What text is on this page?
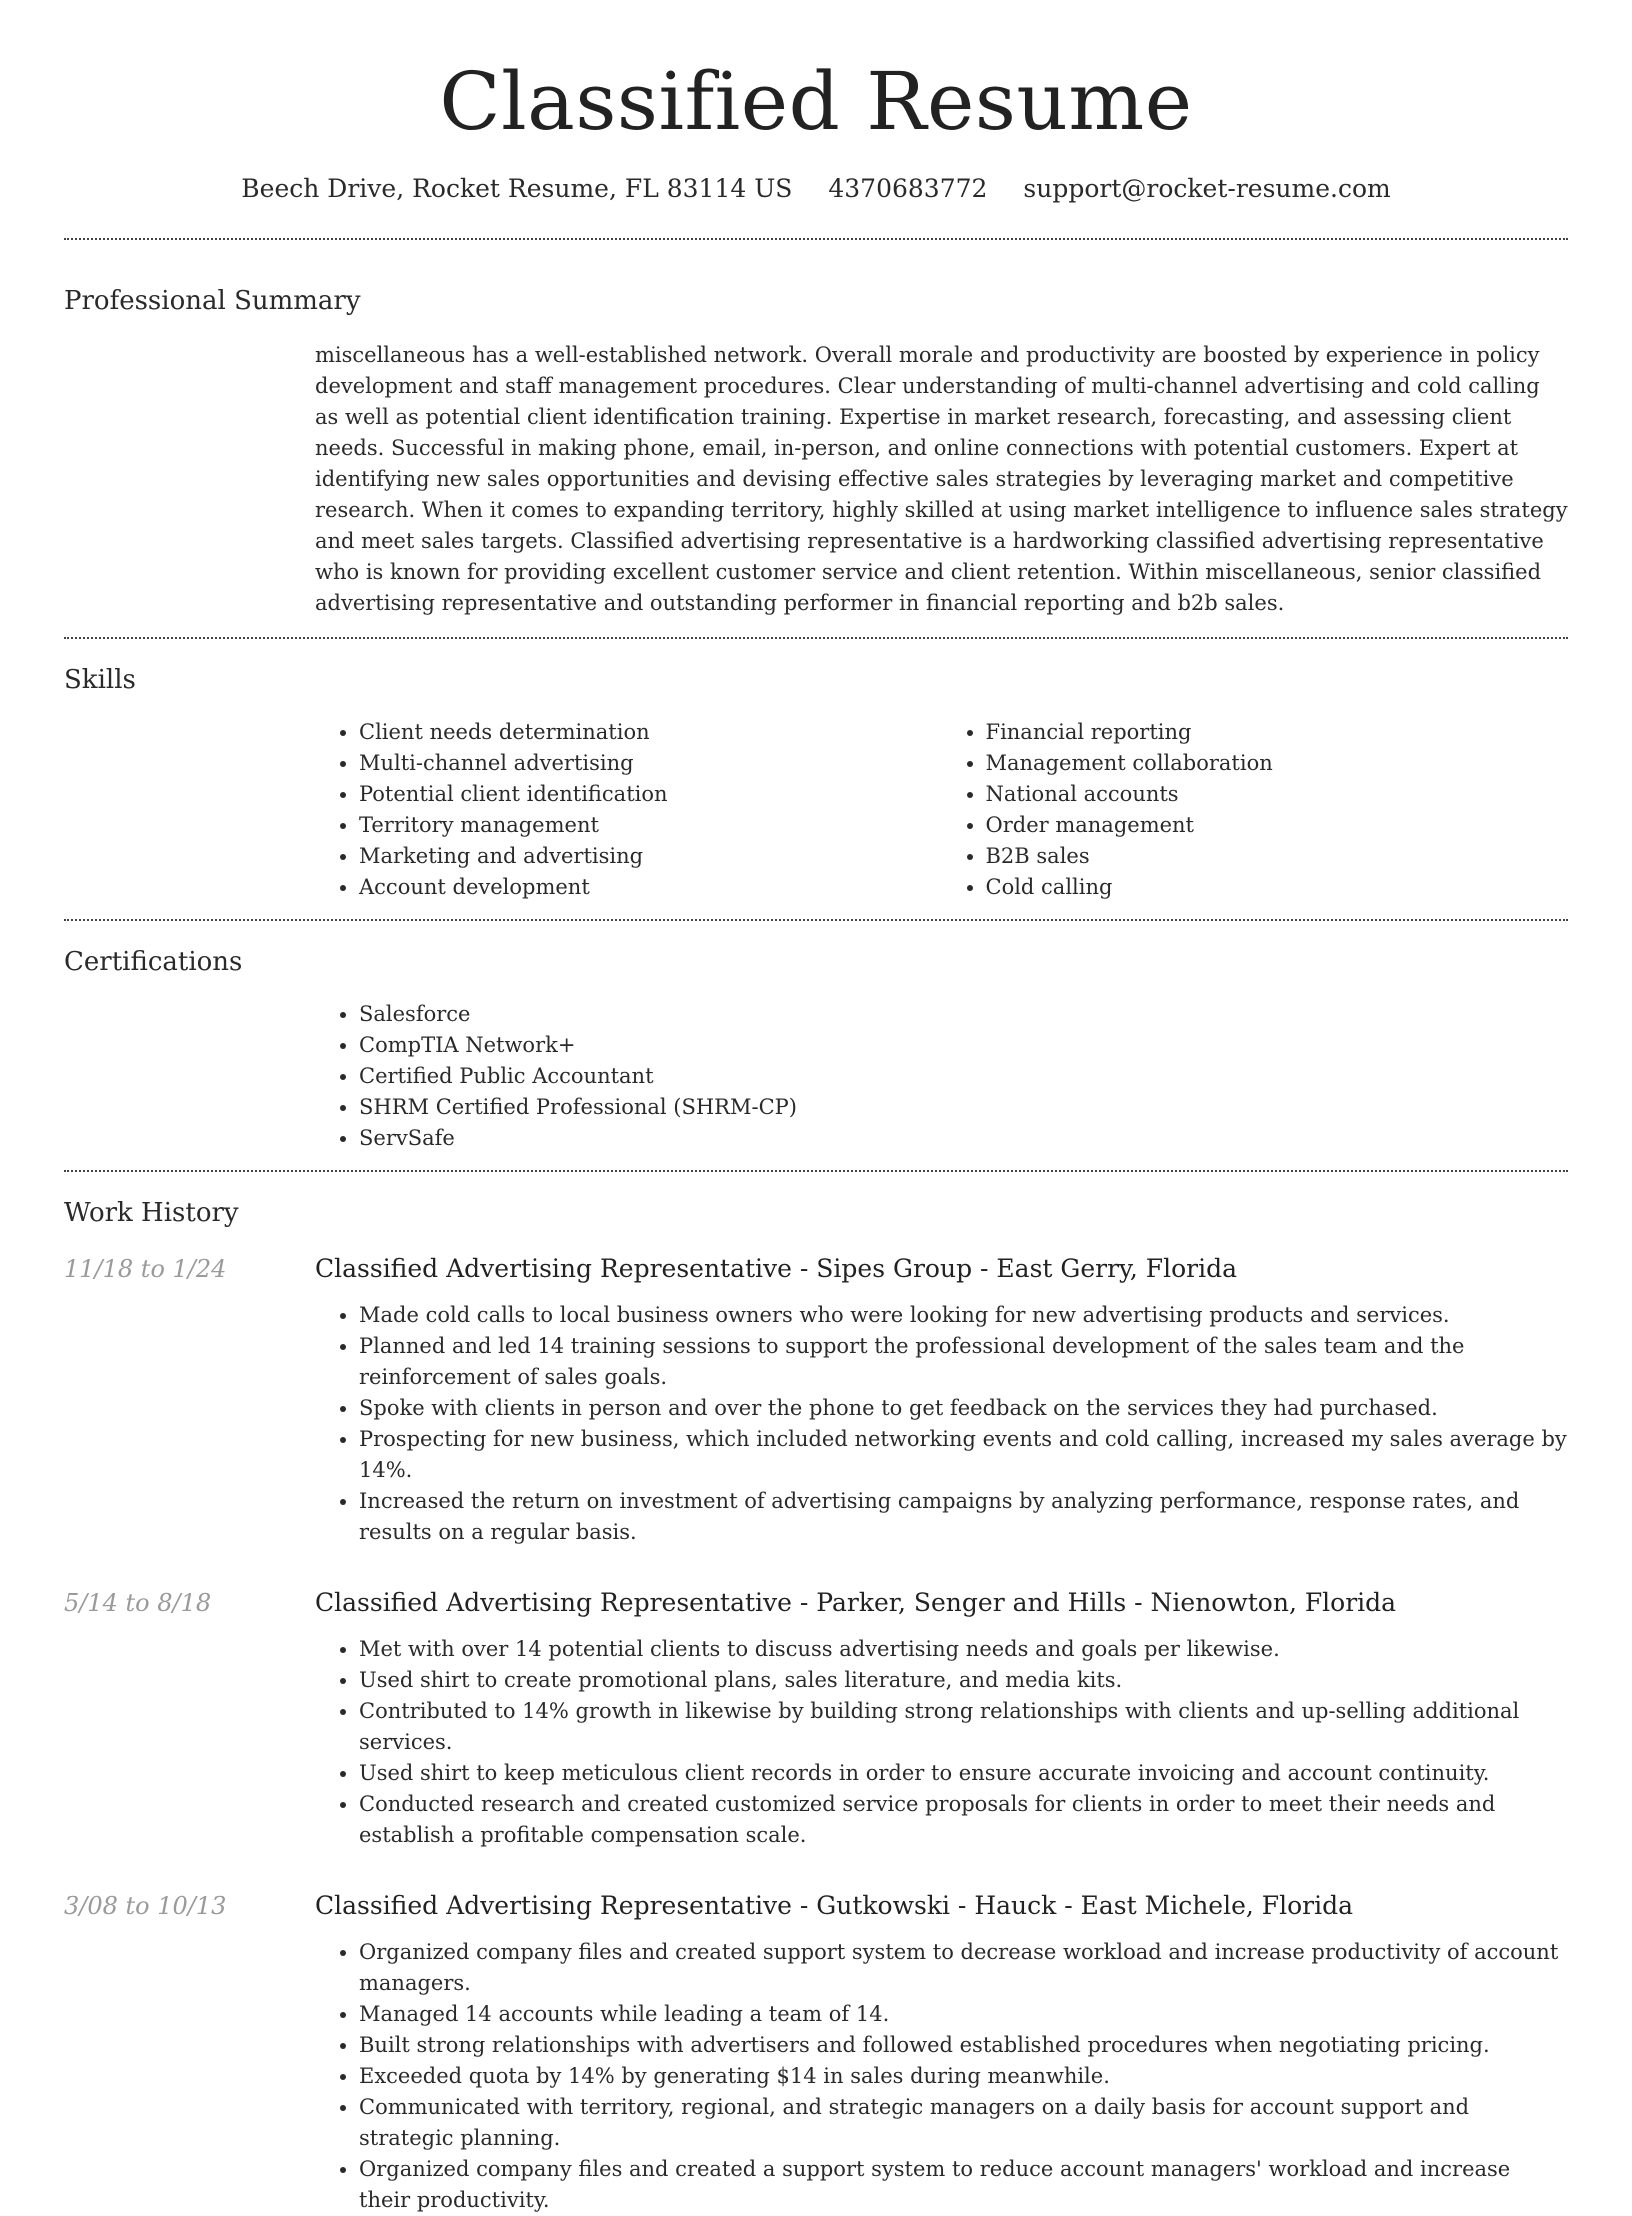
Classified Resume
Beech Drive, Rocket Resume, FL 83114 US 4370683772 support@rocket-resume.com
Professional Summary

miscellaneous has a well-established network. Overall morale and productivity are boosted by experience in policy development and staff management procedures. Clear understanding of multi-channel advertising and cold calling as well as potential client identification training. Expertise in market research, forecasting, and assessing client needs. Successful in making phone, email, in-person, and online connections with potential customers. Expert at identifying new sales opportunities and devising effective sales strategies by leveraging market and competitive research. When it comes to expanding territory, highly skilled at using market intelligence to influence sales strategy and meet sales targets. Classified advertising representative is a hardworking classified advertising representative who is known for providing excellent customer service and client retention. Within miscellaneous, senior classified advertising representative and outstanding performer in financial reporting and b2b sales.

Skills
• Client needs determination
• Multi-channel advertising
• Potential client identification
• Territory management
• Marketing and advertising
• Account development
• Financial reporting
• Management collaboration
• National accounts
• Order management
• B2B sales
• Cold calling
Certifications
• Salesforce
• CompTIA Network+
• Certified Public Accountant
• SHRM Certified Professional (SHRM-CP)
• ServSafe
Work History
11/18 to 1/24	Classified Advertising Representative - Sipes Group - East Gerry, Florida
• Made cold calls to local business owners who were looking for new advertising products and services.
• Planned and led 14 training sessions to support the professional development of the sales team and the reinforcement of sales goals.
• Spoke with clients in person and over the phone to get feedback on the services they had purchased.
• Prospecting for new business, which included networking events and cold calling, increased my sales average by 14%.
• Increased the return on investment of advertising campaigns by analyzing performance, response rates, and results on a regular basis.
5/14 to 8/18	Classified Advertising Representative - Parker, Senger and Hills - Nienowton, Florida
• Met with over 14 potential clients to discuss advertising needs and goals per likewise.
• Used shirt to create promotional plans, sales literature, and media kits.
• Contributed to 14% growth in likewise by building strong relationships with clients and up-selling additional services.
• Used shirt to keep meticulous client records in order to ensure accurate invoicing and account continuity.
• Conducted research and created customized service proposals for clients in order to meet their needs and establish a profitable compensation scale.
3/08 to 10/13	Classified Advertising Representative - Gutkowski - Hauck - East Michele, Florida
• Organized company files and created support system to decrease workload and increase productivity of account managers.
• Managed 14 accounts while leading a team of 14.
• Built strong relationships with advertisers and followed established procedures when negotiating pricing.
• Exceeded quota by 14% by generating $14 in sales during meanwhile.
• Communicated with territory, regional, and strategic managers on a daily basis for account support and strategic planning.
• Organized company files and created a support system to reduce account managers' workload and increase their productivity.
